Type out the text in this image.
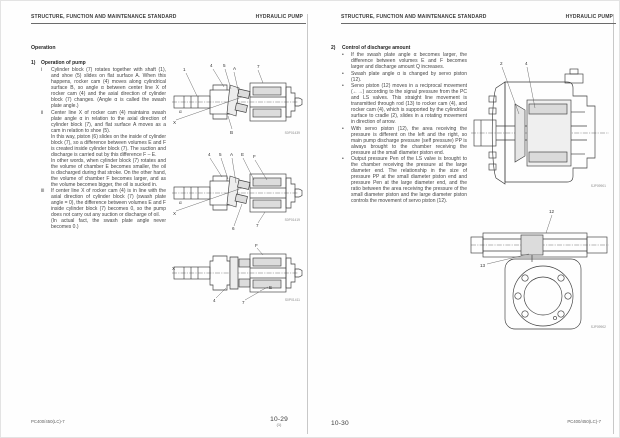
STRUCTURE, FUNCTION AND MAINTENANCE STANDARD	HYDRAULIC PUMP
Operation
1)	Operation of pump
i	Cylinder block (7) rotates together with shaft (1), and shoe (5) slides on flat surface A. When this happens, rocker cam (4) moves along cylindrical surface B, so angle α between center line X of rocker cam (4) and the axial direction of cylinder block (7) changes. (Angle α is called the swash plate angle.)

ii	Center line X of rocker cam (4) maintains swash plate angle α in relation to the axial direction of cylinder block (7), and flat surface A moves as a cam in relation to shoe (5).

In this way, piston (6) slides on the inside of cylinder block (7), so a difference between volumes E and F is created inside cylinder block (7). The suction and discharge is carried out by this difference F – E.

In other words, when cylinder block (7) rotates and the volume of chamber E becomes smaller, the oil is discharged during that stroke. On the other hand, the volume of chamber F becomes larger, and as the volume becomes bigger, the oil is sucked in.

iii	If center line X of rocker cam (4) is in line with the axial direction of cylinder block (7) (swash plate angle = 0), the difference between volumes E and F inside cylinder block (7) becomes 0, so the pump does not carry out any suction or discharge of oil.

(In actual fact, the swash plate angle never becomes 0.)

1
4 5
A	7
B
α
X
S0P01439
4 5 A E F
6
7
α
X
S0P01419
F
X
4	7
E
S0P01411
PC400/450(LC)-7	10-29
(1)
STRUCTURE, FUNCTION AND MAINTENANCE STANDARD	HYDRAULIC PUMP
2)	Control of discharge amount
•	If the swash plate angle α becomes larger, the difference between volumes E and F becomes larger and discharge amount Q increases.
•	Swash plate angle α is changed by servo piston (12).
•	Servo piston (12) moves in a reciprocal movement (←→) according to the signal pressure from the PC and LS valves. This straight line movement is transmitted through rod (13) to rocker cam (4), and rocker cam (4), which is supported by the cylindrical surface to cradle (2), slides in a rotating movement in direction of arrow.
•	With servo piston (12), the area receiving the pressure is different on the left and the right, so main pump discharge pressure (self pressure) PP is always brought to the chamber receiving the pressure at the small diameter piston end.
•	Output pressure Pen of the LS valve is brought to the chamber receiving the pressure at the large diameter end. The relationship in the size of pressure PP at the small diameter piston end and pressure Pen at the large diameter end, and the ratio between the area receiving the pressure of the small diameter piston and the large diameter piston controls the movement of servo piston (12).
2	4
SJP09901
12
13
SJP09902
10-30	PC400/450(LC)-7
